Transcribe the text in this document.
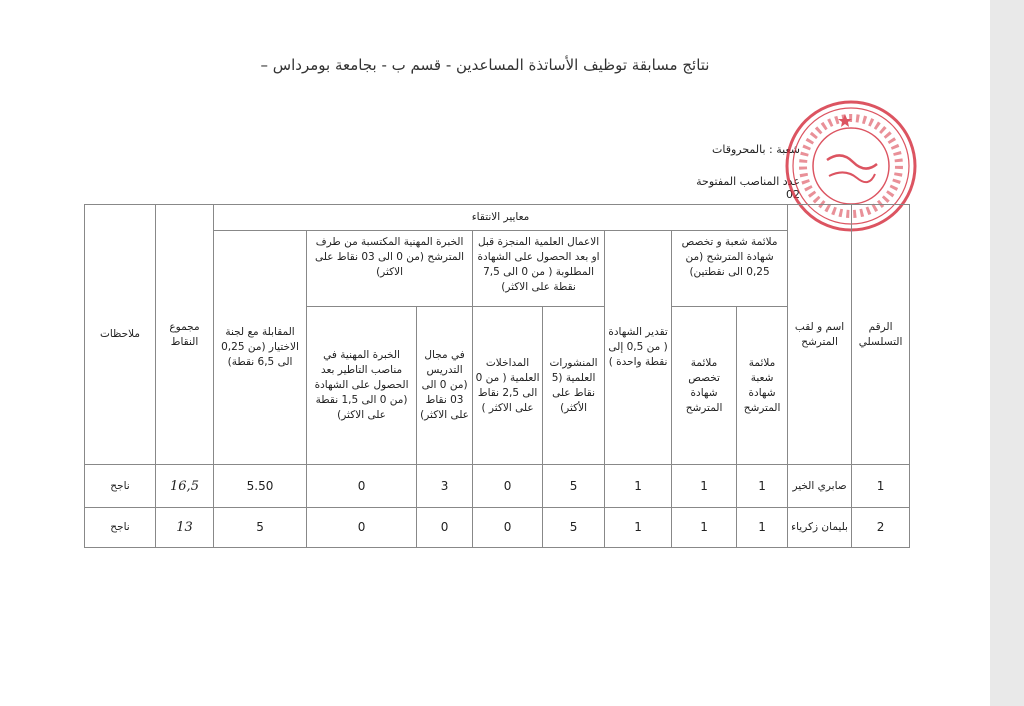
نتائج مسابقة توظيف الأساتذة المساعدين - قسم ب - بجامعة بومرداس –
شعبة : بالمحروقات
عدد المناصب المفتوحة 02
الرقم التسلسلي	اسم و لقب المترشح	معايير الانتقاء								مجموع النقاط	ملاحظات
		ملائمة شعبة و تخصص شهادة المترشح (من 0,25 الى نقطتين)		تقدير الشهادة ( من 0,5 إلى نقطة واحدة )	الاعمال العلمية المنجزة قبل او بعد الحصول على الشهادة المطلوبة ( من 0 الى 7,5 نقطة على الاكثر)		الخبرة المهنية المكتسبة من طرف المترشح (من 0 الى 03 نقاط على الاكثر)		المقابلة مع لجنة الاختيار (من 0,25 الى 6,5 نقطة)		
		ملائمة شعبة شهادة المترشح	ملائمة تخصص شهادة المترشح		المنشورات العلمية (5 نقاط على الأكثر)	المداخلات العلمية ( من 0 الى 2,5 نقاط على الاكثر )	في مجال التدريس (من 0 الى 03 نقاط على الاكثر)	الخبرة المهنية في مناصب التاطير بعد الحصول على الشهادة (من 0 الى 1,5 نقطة على الاكثر)			
1	صابري الخير	1	1	1	5	0	3	0	5.50	16,5	ناجح
2	بليمان زكرياء	1	1	1	5	0	0	0	5	13	ناجح
